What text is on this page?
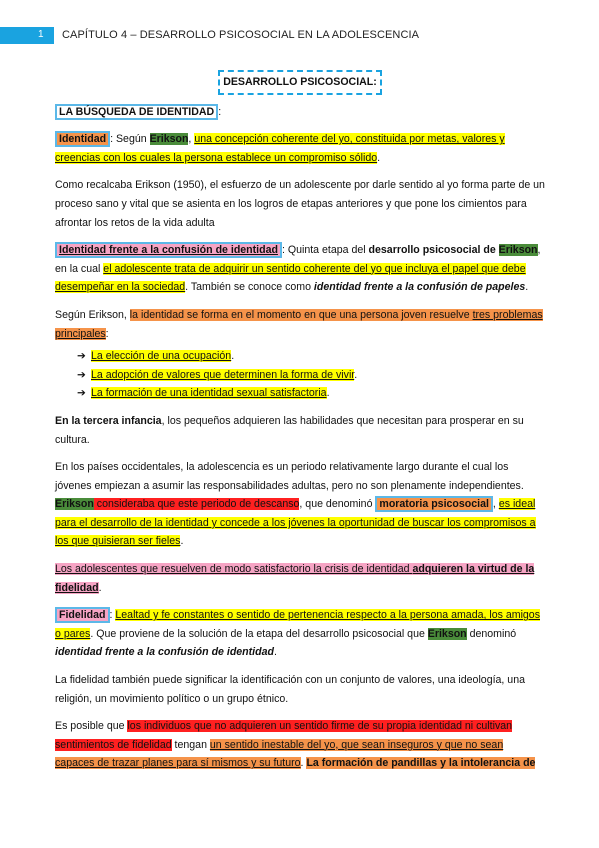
1 CAPÍTULO 4 – DESARROLLO PSICOSOCIAL EN LA ADOLESCENCIA
DESARROLLO PSICOSOCIAL:

LA BÚSQUEDA DE IDENTIDAD :

Identidad : Según Erikson, una concepción coherente del yo, constituida por metas, valores y creencias con los cuales la persona establece un compromiso sólido.

Como recalcaba Erikson (1950), el esfuerzo de un adolescente por darle sentido al yo forma parte de un proceso sano y vital que se asienta en los logros de etapas anteriores y que pone los cimientos para afrontar los retos de la vida adulta

Identidad frente a la confusión de identidad : Quinta etapa del desarrollo psicosocial de Erikson, en la cual el adolescente trata de adquirir un sentido coherente del yo que incluya el papel que debe desempeñar en la sociedad. También se conoce como identidad frente a la confusión de papeles.

Según Erikson, la identidad se forma en el momento en que una persona joven resuelve tres problemas principales:

➔ La elección de una ocupación.
➔ La adopción de valores que determinen la forma de vivir.
➔ La formación de una identidad sexual satisfactoria.

En la tercera infancia, los pequeños adquieren las habilidades que necesitan para prosperar en su cultura.

En los países occidentales, la adolescencia es un periodo relativamente largo durante el cual los jóvenes empiezan a asumir las responsabilidades adultas, pero no son plenamente independientes. Erikson consideraba que este periodo de descanso, que denominó moratoria psicosocial , es ideal para el desarrollo de la identidad y concede a los jóvenes la oportunidad de buscar los compromisos a los que quisieran ser fieles.

Los adolescentes que resuelven de modo satisfactorio la crisis de identidad adquieren la virtud de la fidelidad.

Fidelidad : Lealtad y fe constantes o sentido de pertenencia respecto a la persona amada, los amigos o pares. Que proviene de la solución de la etapa del desarrollo psicosocial que Erikson denominó identidad frente a la confusión de identidad.

La fidelidad también puede significar la identificación con un conjunto de valores, una ideología, una religión, un movimiento político o un grupo étnico.

Es posible que los individuos que no adquieren un sentido firme de su propia identidad ni cultivan sentimientos de fidelidad tengan un sentido inestable del yo, que sean inseguros y que no sean capaces de trazar planes para sí mismos y su futuro. La formación de pandillas y la intolerancia de
